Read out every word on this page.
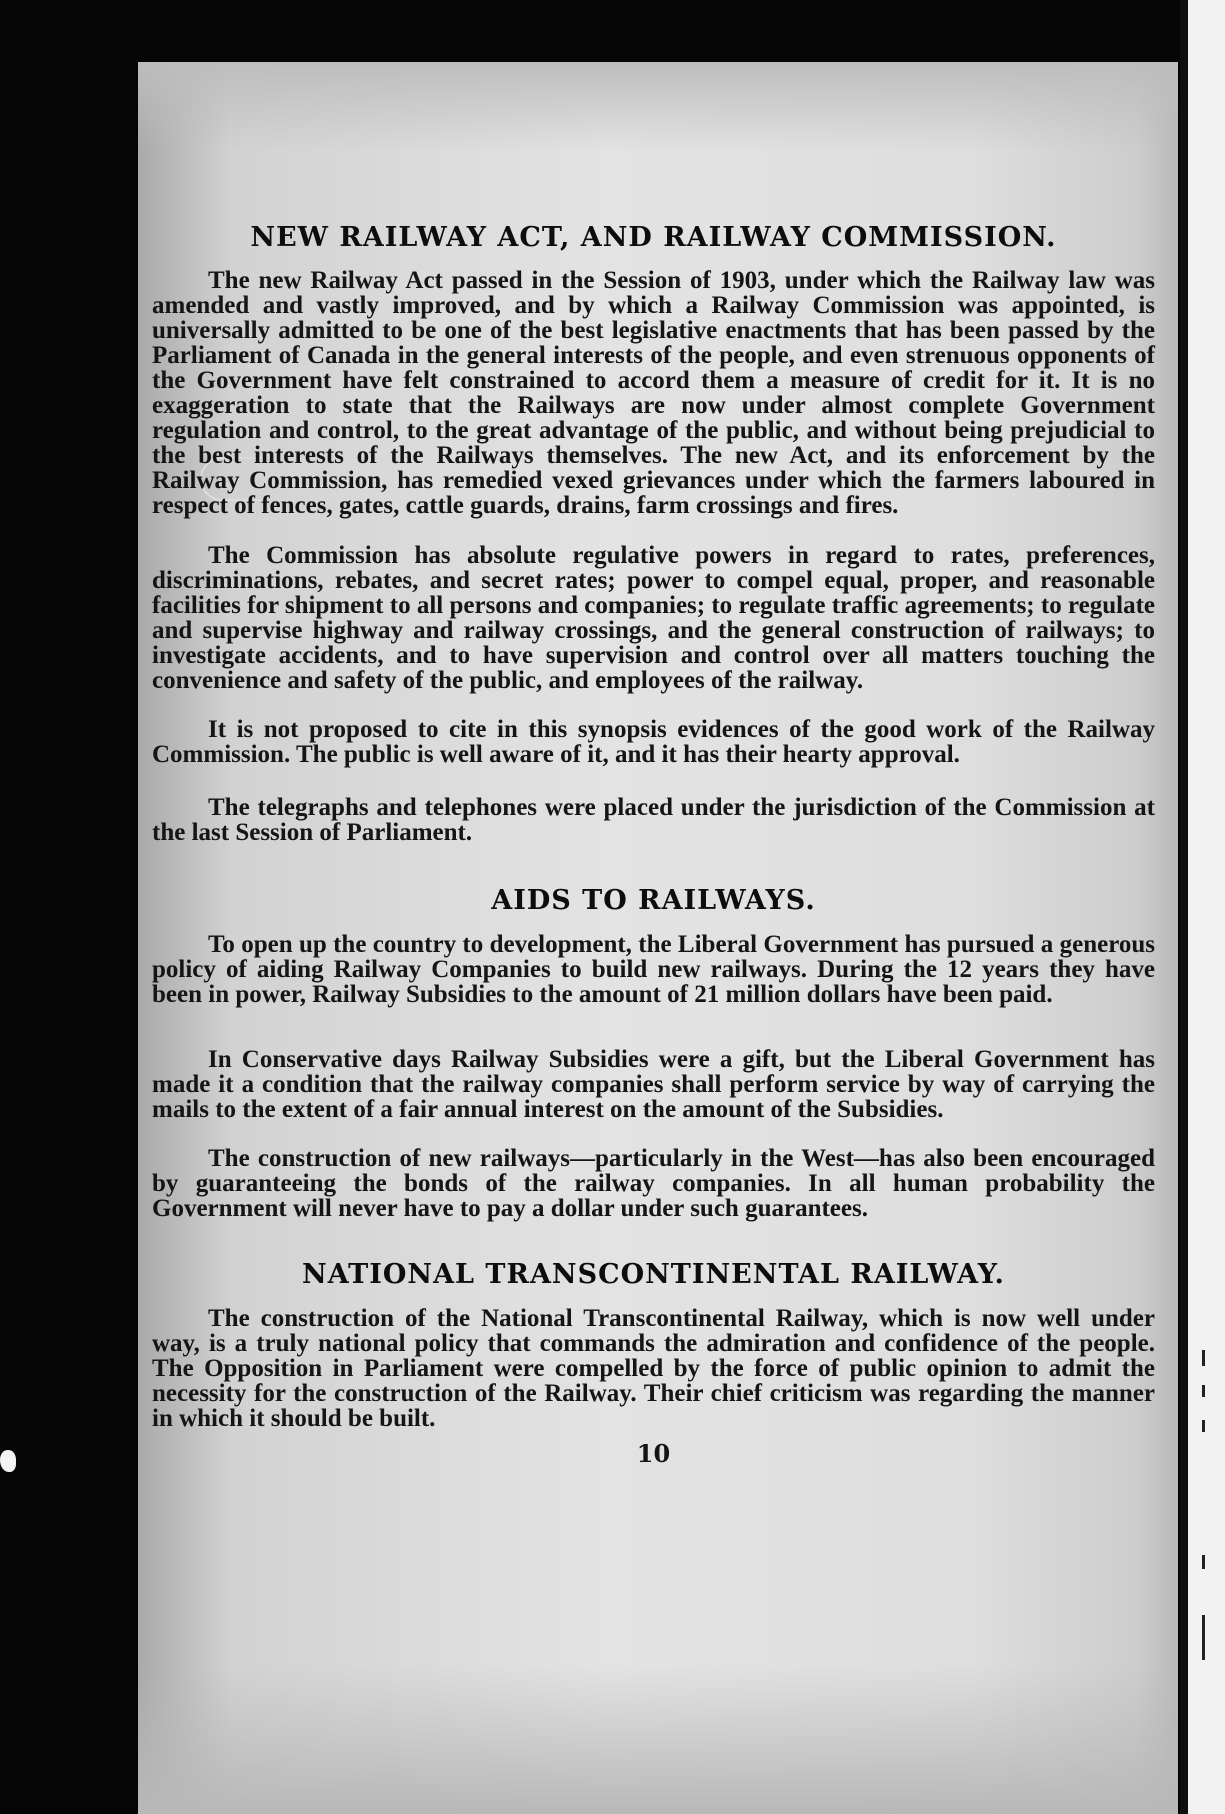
NEW RAILWAY ACT, AND RAILWAY COMMISSION.

The new Railway Act passed in the Session of 1903, under which the Railway law was amended and vastly improved, and by which a Railway Commission was appointed, is universally admitted to be one of the best legislative enactments that has been passed by the Parliament of Canada in the general interests of the people, and even strenuous opponents of the Government have felt constrained to accord them a measure of credit for it. It is no exaggeration to state that the Railways are now under almost complete Government regulation and control, to the great advantage of the public, and without being prejudicial to the best interests of the Railways themselves. The new Act, and its enforcement by the Railway Commission, has remedied vexed grievances under which the farmers laboured in respect of fences, gates, cattle guards, drains, farm crossings and fires.

The Commission has absolute regulative powers in regard to rates, preferences, discriminations, rebates, and secret rates; power to compel equal, proper, and reasonable facilities for shipment to all persons and companies; to regulate traffic agreements; to regulate and supervise highway and railway crossings, and the general construction of railways; to investigate accidents, and to have supervision and control over all matters touching the convenience and safety of the public, and employees of the railway.

It is not proposed to cite in this synopsis evidences of the good work of the Railway Commission. The public is well aware of it, and it has their hearty approval.

The telegraphs and telephones were placed under the jurisdiction of the Commission at the last Session of Parliament.

AIDS TO RAILWAYS.

To open up the country to development, the Liberal Government has pursued a generous policy of aiding Railway Companies to build new railways. During the 12 years they have been in power, Railway Subsidies to the amount of 21 million dollars have been paid.

In Conservative days Railway Subsidies were a gift, but the Liberal Government has made it a condition that the railway companies shall perform service by way of carrying the mails to the extent of a fair annual interest on the amount of the Subsidies.

The construction of new railways—particularly in the West—has also been encouraged by guaranteeing the bonds of the railway companies. In all human probability the Government will never have to pay a dollar under such guarantees.

NATIONAL TRANSCONTINENTAL RAILWAY.

The construction of the National Transcontinental Railway, which is now well under way, is a truly national policy that commands the admiration and confidence of the people. The Opposition in Parliament were compelled by the force of public opinion to admit the necessity for the construction of the Railway. Their chief criticism was regarding the manner in which it should be built.

10
